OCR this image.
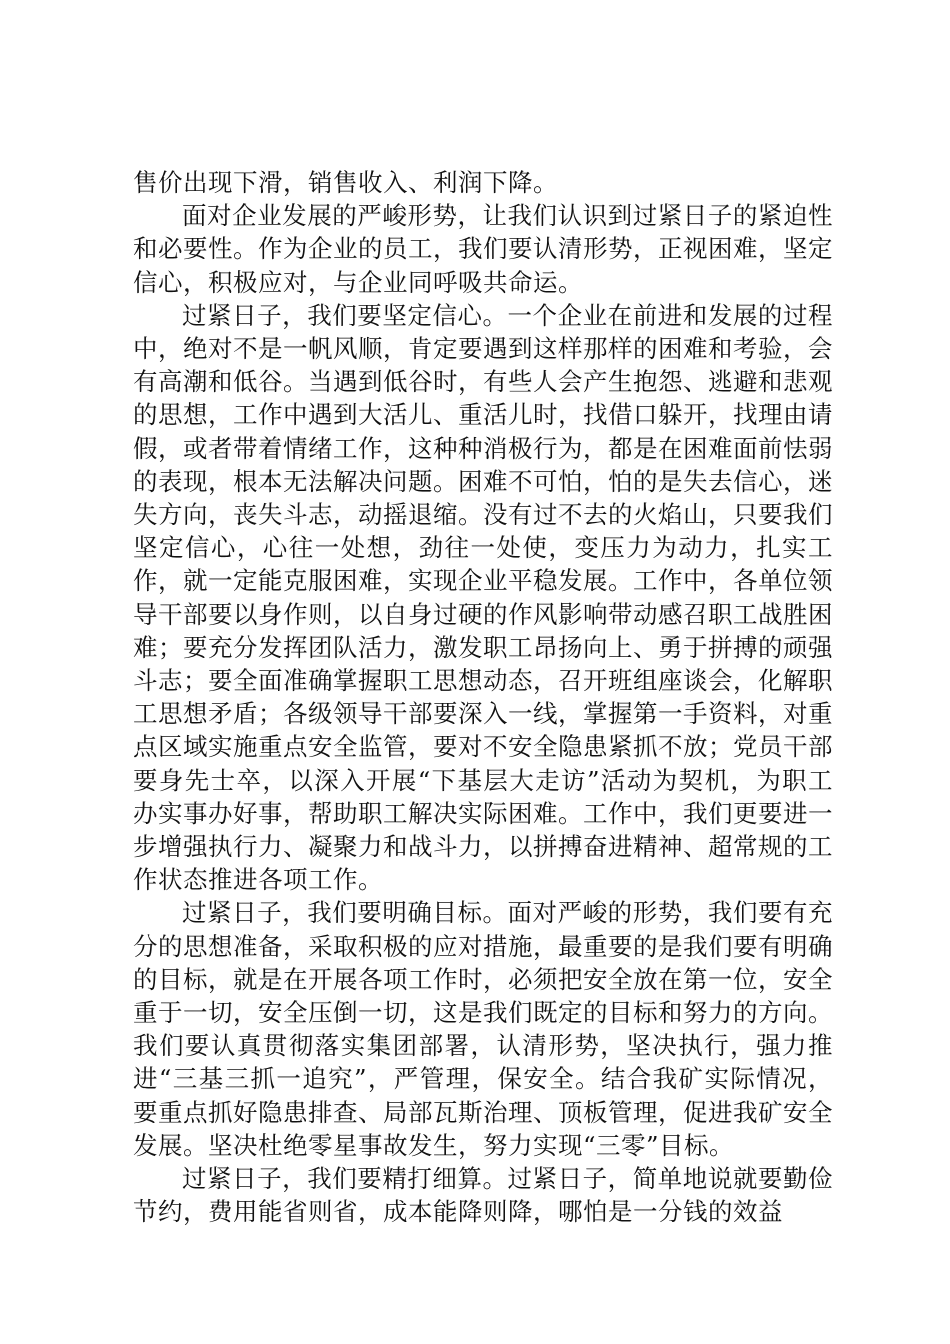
售价出现下滑，销售收入、利润下降。

面对企业发展的严峻形势，让我们认识到过紧日子的紧迫性和必要性。作为企业的员工，我们要认清形势，正视困难，坚定信心，积极应对，与企业同呼吸共命运。

过紧日子，我们要坚定信心。一个企业在前进和发展的过程中，绝对不是一帆风顺，肯定要遇到这样那样的困难和考验，会有高潮和低谷。当遇到低谷时，有些人会产生抱怨、逃避和悲观的思想，工作中遇到大活儿、重活儿时，找借口躲开，找理由请假，或者带着情绪工作，这种种消极行为，都是在困难面前怯弱的表现，根本无法解决问题。困难不可怕，怕的是失去信心，迷失方向，丧失斗志，动摇退缩。没有过不去的火焰山，只要我们坚定信心，心往一处想，劲往一处使，变压力为动力，扎实工作，就一定能克服困难，实现企业平稳发展。工作中，各单位领导干部要以身作则，以自身过硬的作风影响带动感召职工战胜困难；要充分发挥团队活力，激发职工昂扬向上、勇于拼搏的顽强斗志；要全面准确掌握职工思想动态，召开班组座谈会，化解职工思想矛盾；各级领导干部要深入一线，掌握第一手资料，对重点区域实施重点安全监管，要对不安全隐患紧抓不放；党员干部要身先士卒，以深入开展“下基层大走访”活动为契机，为职工办实事办好事，帮助职工解决实际困难。工作中，我们更要进一步增强执行力、凝聚力和战斗力，以拼搏奋进精神、超常规的工作状态推进各项工作。

过紧日子，我们要明确目标。面对严峻的形势，我们要有充分的思想准备，采取积极的应对措施，最重要的是我们要有明确的目标，就是在开展各项工作时，必须把安全放在第一位，安全重于一切，安全压倒一切，这是我们既定的目标和努力的方向。我们要认真贯彻落实集团部署，认清形势，坚决执行，强力推进“三基三抓一追究”，严管理，保安全。结合我矿实际情况，要重点抓好隐患排查、局部瓦斯治理、顶板管理，促进我矿安全发展。坚决杜绝零星事故发生，努力实现“三零”目标。

过紧日子，我们要精打细算。过紧日子，简单地说就要勤俭节约，费用能省则省，成本能降则降，哪怕是一分钱的效益
